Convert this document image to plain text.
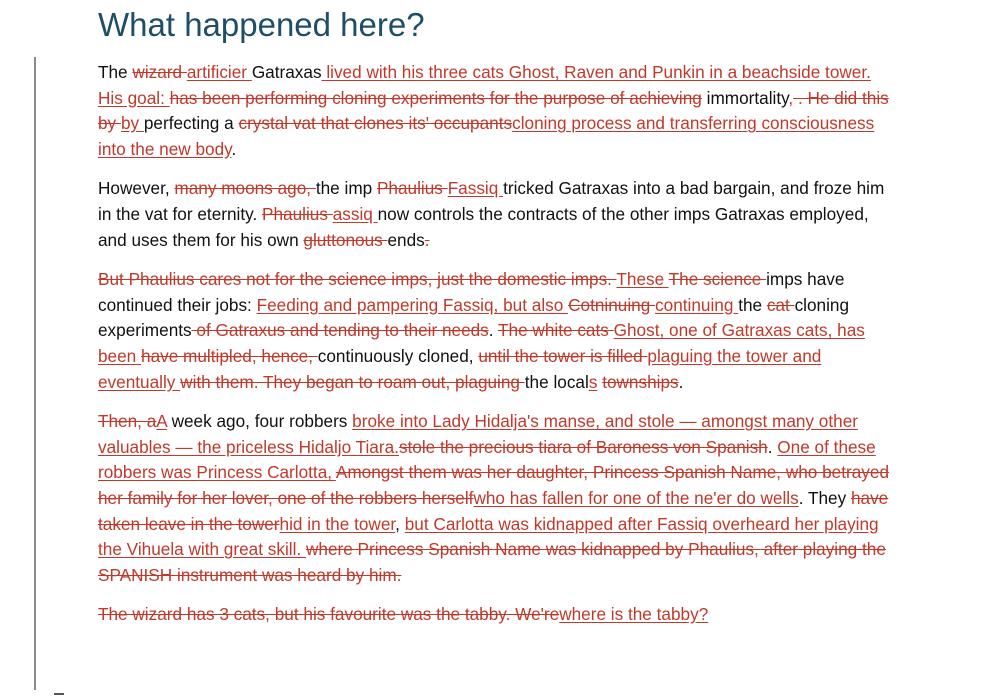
What happened here?

The wizard artificier Gatraxas lived with his three cats Ghost, Raven and Punkin in a beachside tower. His goal: has been performing cloning experiments for the purpose of achieving immortality, . He did this by by perfecting a crystal vat that clones its' occupantscloning process and transferring consciousness into the new body.

However, many moons ago, the imp Phaulius Fassiq tricked Gatraxas into a bad bargain, and froze him in the vat for eternity. Phaulius assiq now controls the contracts of the other imps Gatraxas employed, and uses them for his own gluttonous ends.

But Phaulius cares not for the science imps, just the domestic imps. These The science imps have continued their jobs: Feeding and pampering Fassiq, but also Cotninuing continuing the cat cloning experiments of Gatraxus and tending to their needs. The white cats Ghost, one of Gatraxas cats, has been have multipled, hence, continuously cloned, until the tower is filled plaguing the tower and eventually with them. They began to roam out, plaguing the locals townships.

Then, aA week ago, four robbers broke into Lady Hidalja's manse, and stole — amongst many other valuables — the priceless Hidaljo Tiara.stole the precious tiara of Baroness von Spanish. One of these robbers was Princess Carlotta, Amongst them was her daughter, Princess Spanish Name, who betrayed her family for her lover, one of the robbers herselfwho has fallen for one of the ne'er do wells. They have taken leave in the towerhid in the tower, but Carlotta was kidnapped after Fassiq overheard her playing the Vihuela with great skill. where Princess Spanish Name was kidnapped by Phaulius, after playing the SPANISH instrument was heard by him.

The wizard has 3 cats, but his favourite was the tabby. We'rewhere is the tabby?
